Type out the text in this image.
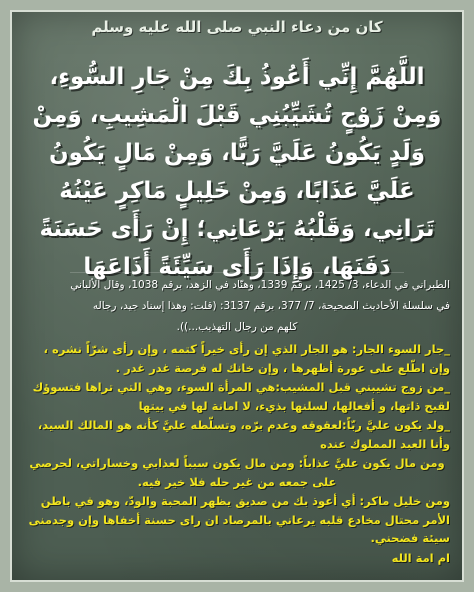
كان من دعاء النبي صلى الله عليه وسلم
اللَّهُمَّ إِنِّي أَعُوذُ بِكَ مِنْ جَارِ السُّوءِ، وَمِنْ زَوْجٍ تُشَيِّبُنِي قَبْلَ الْمَشِيبِ، وَمِنْ وَلَدٍ يَكُونُ عَلَيَّ رَبًّا، وَمِنْ مَالٍ يَكُونُ عَلَيَّ عَذَابًا، وَمِنْ خَلِيلٍ مَاكِرٍ عَيْنُهُ تَرَانِي، وَقَلْبُهُ يَرْعَانِي؛ إِنْ رَأَى حَسَنَةً دَفَنَهَا، وَإِذَا رَأَى سَيِّئَةً أَذَاعَهَا
الطبراني في الدعاء، 3/ 1425، برقم 1339، وهنّاد في الزهد، برقم 1038، وقال الألباني
في سلسلة الأحاديث الصحيحة، 7/ 377، برقم 3137: (قلت: وهذا إسناد جيد، رجاله
كلهم من رجال التهذيب...)).

_جار السوء الجار: هو الجار الذي إن رأى خيراً كتمه ، وإن رأى شرّاً نشره ، وإن اطّلع على عورة أظهرها ، وإن خانك له فرصة غدر غدر .

_من زوج تشيبني قبل المشيب:هي المرأة السوء، وهي التي تراها فتسوؤك لقبح ذاتها، و أفعالها، لسلنها بذيء، لا امانة لها في بيتها

_ولد يكون عليَّ ربّاً:لعقوقه وعدم برّه، وتسلّطه عليَّ كأنه هو المالك السيد، وأنا العبد المملوك عنده

ومن مال يكون عليَّ عذاباً: ومن مال يكون سبباً لعذابي وخساراتي، لحرصي على جمعه من غير حله فلا خير فيه.

ومن خليل ماكر: أي أعوذ بك من صديق يظهر المحبة والودّ، وهو في باطن الأمر محتال مخادع قلبه يرعاني بالمرصاد ان راى حسنة أخفاها وإن وجدمنى سيئة فضحني.

ام امة الله
